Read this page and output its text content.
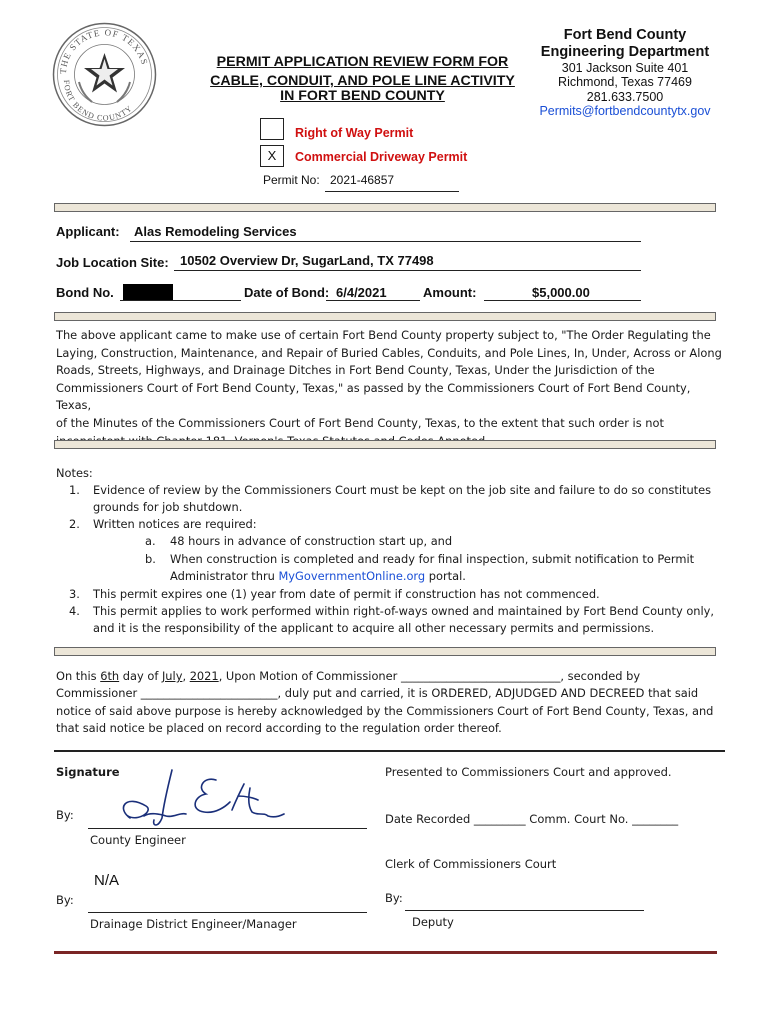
THE STATE OF TEXAS
FORT BEND COUNTY
PERMIT APPLICATION REVIEW FORM FOR
CABLE, CONDUIT, AND POLE LINE ACTIVITY
IN FORT BEND COUNTY
Fort Bend County
Engineering Department
301 Jackson Suite 401
Richmond, Texas 77469
281.633.7500
Permits@fortbendcountytx.gov
Right of Way Permit
X	Commercial Driveway Permit
Permit No: 2021-46857
Applicant: Alas Remodeling Services
Job Location Site: 10502 Overview Dr, SugarLand, TX 77498
Bond No.	Date of Bond: 6/4/2021	Amount:	$5,000.00
The above applicant came to make use of certain Fort Bend County property subject to, "The Order Regulating the
Laying, Construction, Maintenance, and Repair of Buried Cables, Conduits, and Pole Lines, In, Under, Across or Along
Roads, Streets, Highways, and Drainage Ditches in Fort Bend County, Texas, Under the Jurisdiction of the
Commissioners Court of Fort Bend County, Texas," as passed by the Commissioners Court of Fort Bend County, Texas,
of the Minutes of the Commissioners Court of Fort Bend County, Texas, to the extent that such order is not
Notes:
1. Evidence of review by the Commissioners Court must be kept on the job site and failure to do so constitutes
grounds for job shutdown.
2. Written notices are required:
a. 48 hours in advance of construction start up, and
b. When construction is completed and ready for final inspection, submit notification to Permit
Administrator thru MyGovernmentOnline.org portal.
3. This permit expires one (1) year from date of permit if construction has not commenced.
4. This permit applies to work performed within right-of-ways owned and maintained by Fort Bend County only,
and it is the responsibility of the applicant to acquire all other necessary permits and permissions.
On this 6th day of July, 2021, Upon Motion of Commissioner ____________________________, seconded by
Commissioner ________________________, duly put and carried, it is ORDERED, ADJUDGED AND DECREED that said
notice of said above purpose is hereby acknowledged by the Commissioners Court of Fort Bend County, Texas, and
that said notice be placed on record according to the regulation order thereof.
Signature
By:
County Engineer
N/A
By:
Drainage District Engineer/Manager
Presented to Commissioners Court and approved.
Date Recorded _________ Comm. Court No. ________
Clerk of Commissioners Court
By:
Deputy
